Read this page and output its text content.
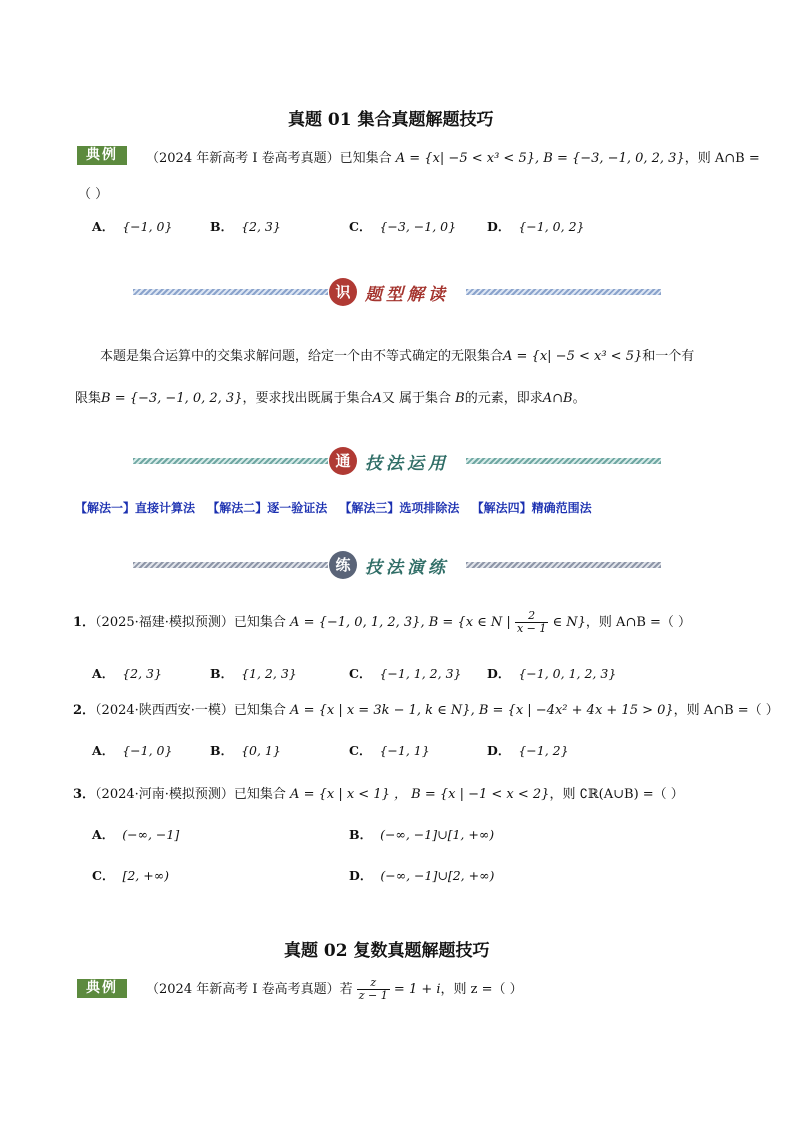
真题 01 集合真题解题技巧
典例	（2024 年新高考 Ⅰ 卷高考真题）已知集合 A = {x| −5 < x³ < 5}, B = {−3, −1, 0, 2, 3}，则 A∩B =
（ ）
A． {−1, 0}	B． {2, 3}	C． {−3, −1, 0} D． {−1, 0, 2}
识 题型解读
本题是集合运算中的交集求解问题，给定一个由不等式确定的无限集合A = {x| −5 < x³ < 5}和一个有
限集B = {−3, −1, 0, 2, 3}，要求找出既属于集合A又 属于集合 B的元素，即求A∩B。
通 技法运用
【解法一】直接计算法 【解法二】逐一验证法 【解法三】选项排除法 【解法四】精确范围法
练 技法演练
1．（2025·福建·模拟预测）已知集合 A = {−1, 0, 1, 2, 3}, B = {x ∈ N | $\frac{2}{x - 1}$ ∈ N}，则 A∩B =（ ）
A． {2, 3}	B． {1, 2, 3}	C． {−1, 1, 2, 3} D． {−1, 0, 1, 2, 3}
2．（2024·陕西西安·一模）已知集合 A = {x | x = 3k − 1, k ∈ N}, B = {x | −4x² + 4x + 15 > 0}，则 A∩B =（ ）
A． {−1, 0}	B． {0, 1}	C． {−1, 1}	D． {−1, 2}
3．（2024·河南·模拟预测）已知集合 A = {x | x < 1} ， B = {x | −1 < x < 2}，则 ∁ℝ(A∪B) =（ ）
A． (−∞, −1]	B． (−∞, −1]∪[1, +∞)
C． [2, +∞)	D． (−∞, −1]∪[2, +∞)
真题 02 复数真题解题技巧
典例	（2024 年新高考 Ⅰ 卷高考真题）若 $\frac{z}{z - 1} = 1 + i$，则 z =（ ）
